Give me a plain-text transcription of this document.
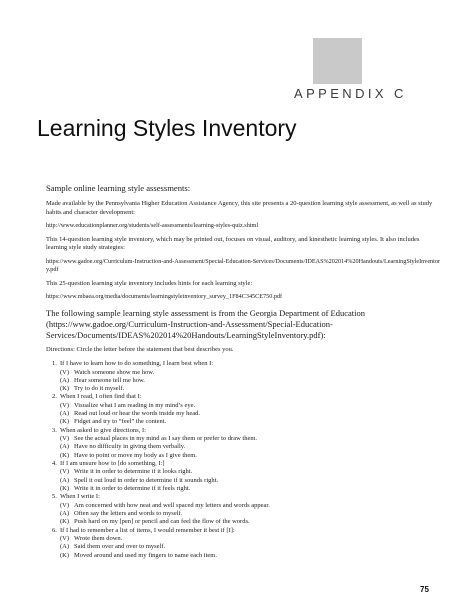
APPENDIX C
Learning Styles Inventory

Sample online learning style assessments:

Made available by the Pennsylvania Higher Education Assistance Agency, this site presents a 20-question learning style assessment, as well as study habits and character development:

http://www.educationplanner.org/students/self-assessments/learning-styles-quiz.shtml

This 14-question learning style inventory, which may be printed out, focuses on visual, auditory, and kinesthetic learning styles. It also includes learning style study strategies:

https://www.gadoe.org/Curriculum-Instruction-and-Assessment/Special-Education-Services/Documents/IDEAS%202014%20Handouts/LearningStyleInventory.pdf

This 25-question learning style inventory includes hints for each learning style:

https://www.mbaea.org/media/documents/learningstyleinventory_survey_1F84C345CE750.pdf

The following sample learning style assessment is from the Georgia Department of Education (https://www.gadoe.org/Curriculum-Instruction-and-Assessment/Special-Education-Services/Documents/IDEAS%202014%20Handouts/LearningStyleInventory.pdf):

Directions: Circle the letter before the statement that best describes you.

1. If I have to learn how to do something, I learn best when I:
(V) Watch someone show me how.
(A) Hear someone tell me how.
(K) Try to do it myself.
2. When I read, I often find that I:
(V) Visualize what I am reading in my mind’s eye.
(A) Read out loud or hear the words inside my head.
(K) Fidget and try to “feel” the content.
3. When asked to give directions, I:
(V) See the actual places in my mind as I say them or prefer to draw them.
(A) Have no difficulty in giving them verbally.
(K) Have to point or move my body as I give them.
4. If I am unsure how to [do something, I:]
(V) Write it in order to determine if it looks right.
(A) Spell it out loud in order to determine if it sounds right.
(K) Write it in order to determine if it feels right.
5. When I write I:
(V) Am concerned with how neat and well spaced my letters and words appear.
(A) Often say the letters and words to myself.
(K) Push hard on my [pen] or pencil and can feel the flow of the words.
6. If I had to remember a list of items, I would remember it best if [I]:
(V) Wrote them down.
(A) Said them over and over to myself.
(K) Moved around and used my fingers to name each item.
75
